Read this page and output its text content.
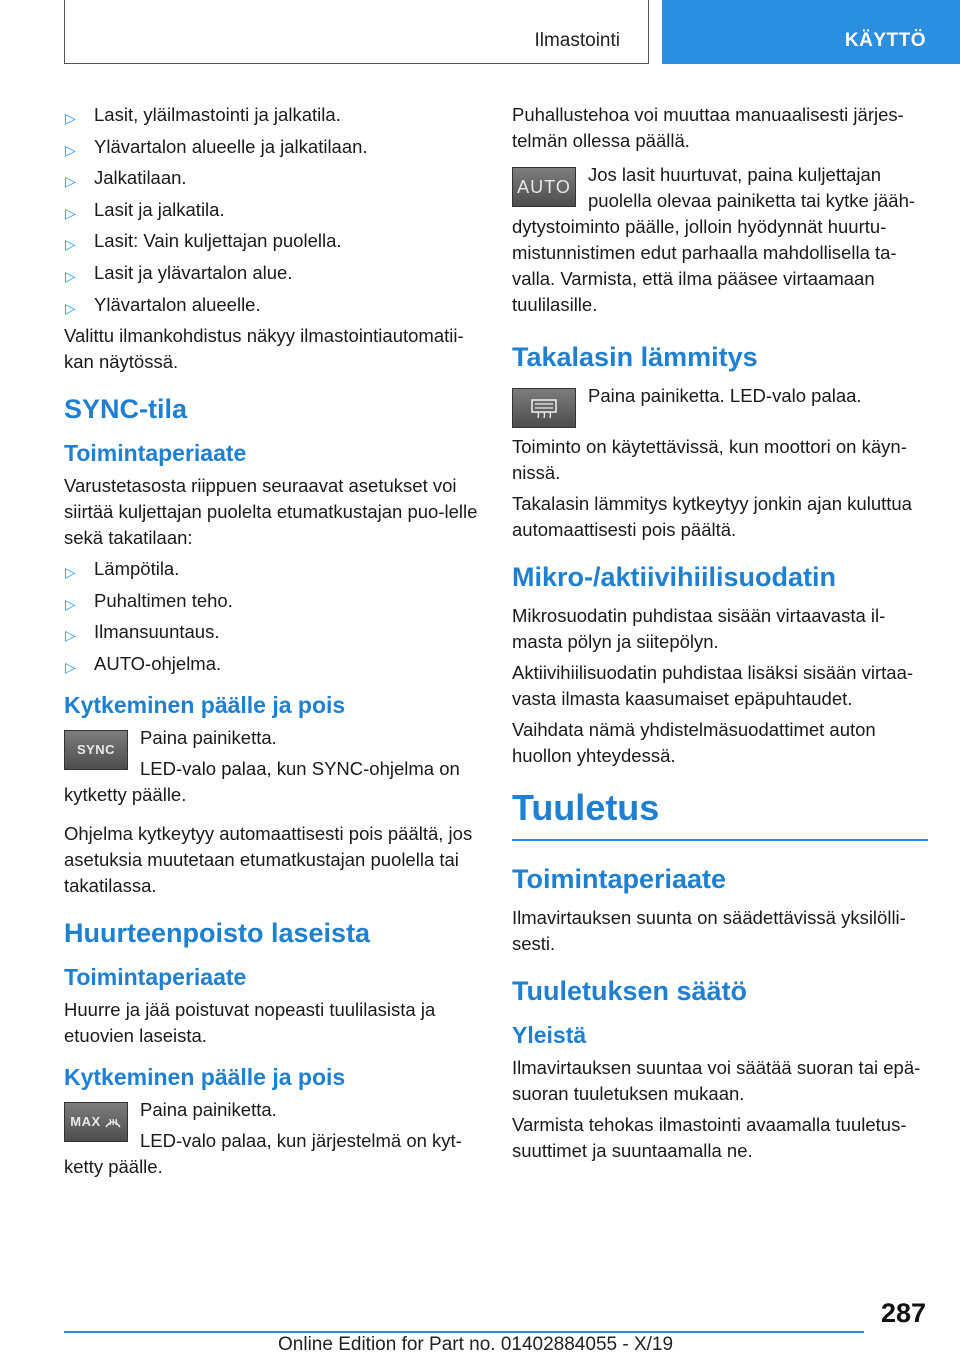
Ilmastointi	KÄYTTÖ
▷ Lasit, yläilmastointi ja jalkatila.
▷ Ylävartalon alueelle ja jalkatilaan.
▷ Jalkatilaan.
▷ Lasit ja jalkatila.
▷ Lasit: Vain kuljettajan puolella.
▷ Lasit ja ylävartalon alue.
▷ Ylävartalon alueelle.

Valittu ilmankohdistus näkyy ilmastointiautomatii-kan näytössä.

SYNC-tila
Toimintaperiaate

Varustetasosta riippuen seuraavat asetukset voi siirtää kuljettajan puolelta etumatkustajan puo-lelle sekä takatilaan:

▷ Lämpötila.
▷ Puhaltimen teho.
▷ Ilmansuuntaus.
▷ AUTO-ohjelma.
Kytkeminen päälle ja pois
SYNC

Paina painiketta.

LED-valo palaa, kun SYNC-ohjelma on kytketty päälle.

Ohjelma kytkeytyy automaattisesti pois päältä, jos asetuksia muutetaan etumatkustajan puolella tai takatilassa.

Huurteenpoisto laseista
Toimintaperiaate

Huurre ja jää poistuvat nopeasti tuulilasista ja etuovien laseista.

Kytkeminen päälle ja pois
MAX

Paina painiketta.

LED-valo palaa, kun järjestelmä on kyt-ketty päälle.

Puhallustehoa voi muuttaa manuaalisesti järjes-telmän ollessa päällä.

AUTO

Jos lasit huurtuvat, paina kuljettajan puolella olevaa painiketta tai kytke jääh-dytystoiminto päälle, jolloin hyödynnät huurtu-mistunnistimen edut parhaalla mahdollisella ta-valla. Varmista, että ilma pääsee virtaamaan tuulilasille.

Takalasin lämmitys

Paina painiketta. LED-valo palaa.

Toiminto on käytettävissä, kun moottori on käyn-nissä.

Takalasin lämmitys kytkeytyy jonkin ajan kuluttua automaattisesti pois päältä.

Mikro-/aktiivihiilisuodatin

Mikrosuodatin puhdistaa sisään virtaavasta il-masta pölyn ja siitepölyn.

Aktiivihiilisuodatin puhdistaa lisäksi sisään virtaa-vasta ilmasta kaasumaiset epäpuhtaudet.

Vaihdata nämä yhdistelmäsuodattimet auton huollon yhteydessä.

Tuuletus
Toimintaperiaate

Ilmavirtauksen suunta on säädettävissä yksilölli-sesti.

Tuuletuksen säätö
Yleistä

Ilmavirtauksen suuntaa voi säätää suoran tai epä-suoran tuuletuksen mukaan.

Varmista tehokas ilmastointi avaamalla tuuletus-suuttimet ja suuntaamalla ne.

287
Online Edition for Part no. 01402884055 - X/19
